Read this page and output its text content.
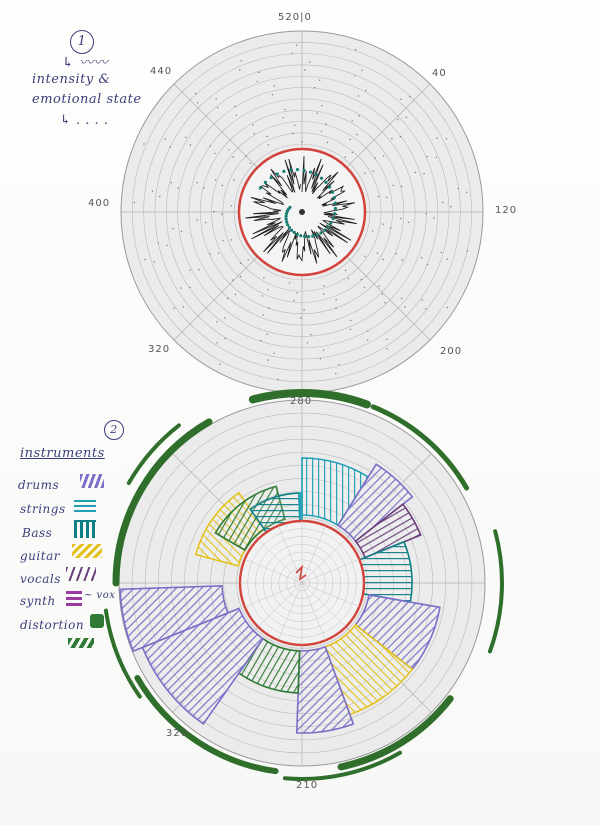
1
↳ 〰〰
intensity &
emotional state
↳ . . . .
520|0
40
120
200
320
400
440
2
instruments
drums
strings
Bass
guitar
vocals
synth	~ vox
distortion
280
210
320
